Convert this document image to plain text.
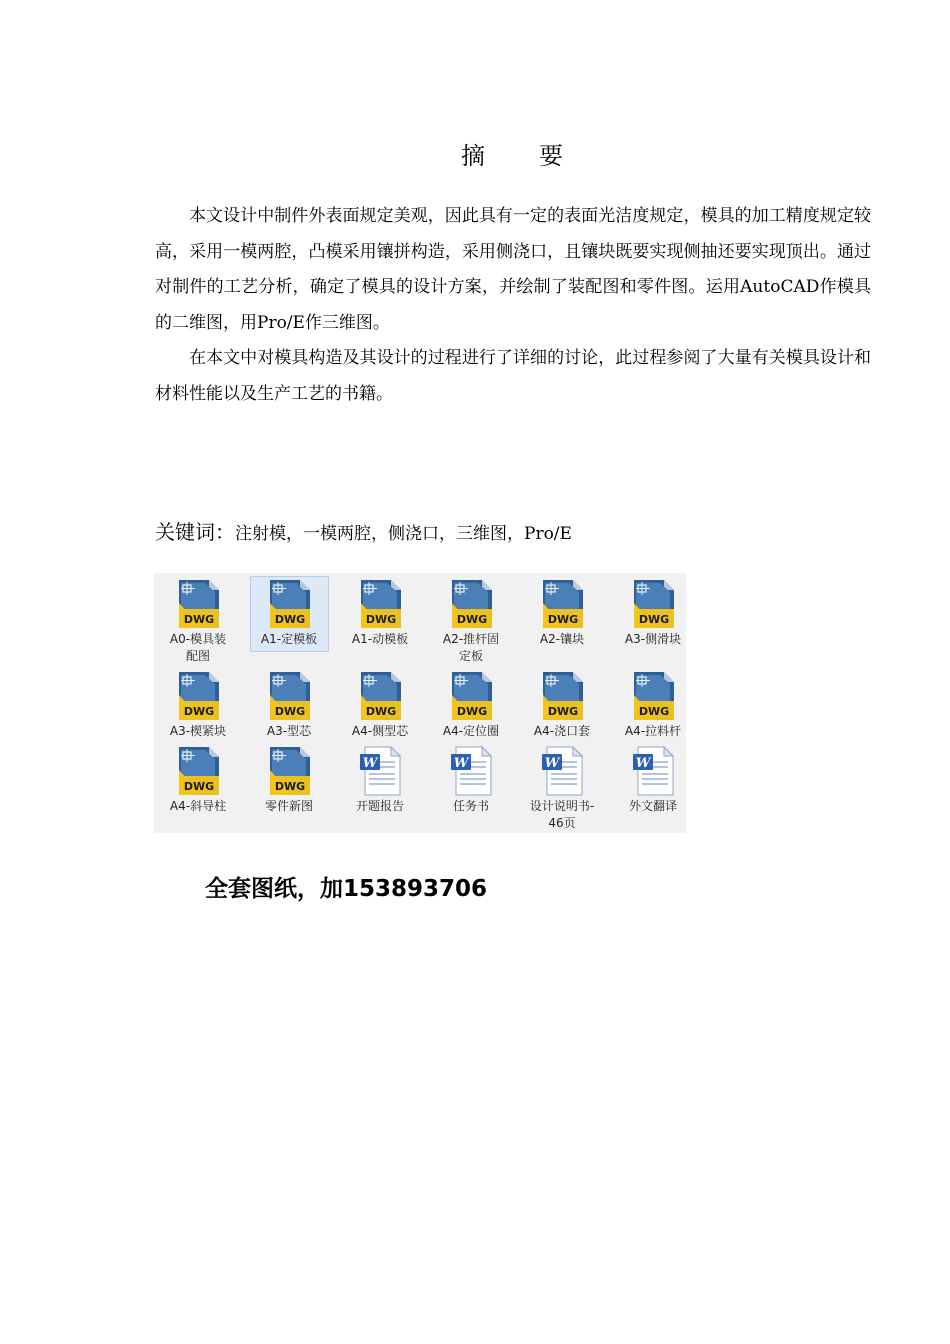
摘　　要

本文设计中制件外表面规定美观，因此具有一定的表面光洁度规定，模具的加工精度规定较高，采用一模两腔，凸模采用镶拼构造，采用侧浇口，且镶块既要实现侧抽还要实现顶出。通过对制件的工艺分析，确定了模具的设计方案，并绘制了装配图和零件图。运用AutoCAD作模具的二维图，用Pro/E作三维图。

在本文中对模具构造及其设计的过程进行了详细的讨论，此过程参阅了大量有关模具设计和材料性能以及生产工艺的书籍。

关键词：注射模，一模两腔，侧浇口，三维图，Pro/E
DWG
A0-模具装配图
DWG
A1-定模板
DWG
A1-动模板
DWG
A2-推杆固定板
DWG
A2-镶块
DWG
A3-侧滑块
DWG
A3-楔紧块
DWG
A3-型芯
DWG
A4-侧型芯
DWG
A4-定位圈
DWG
A4-浇口套
DWG
A4-拉料杆
DWG
A4-斜导柱
DWG
零件新图
W
开题报告
W
任务书
W
设计说明书-46页
W
外文翻译
全套图纸，加153893706
